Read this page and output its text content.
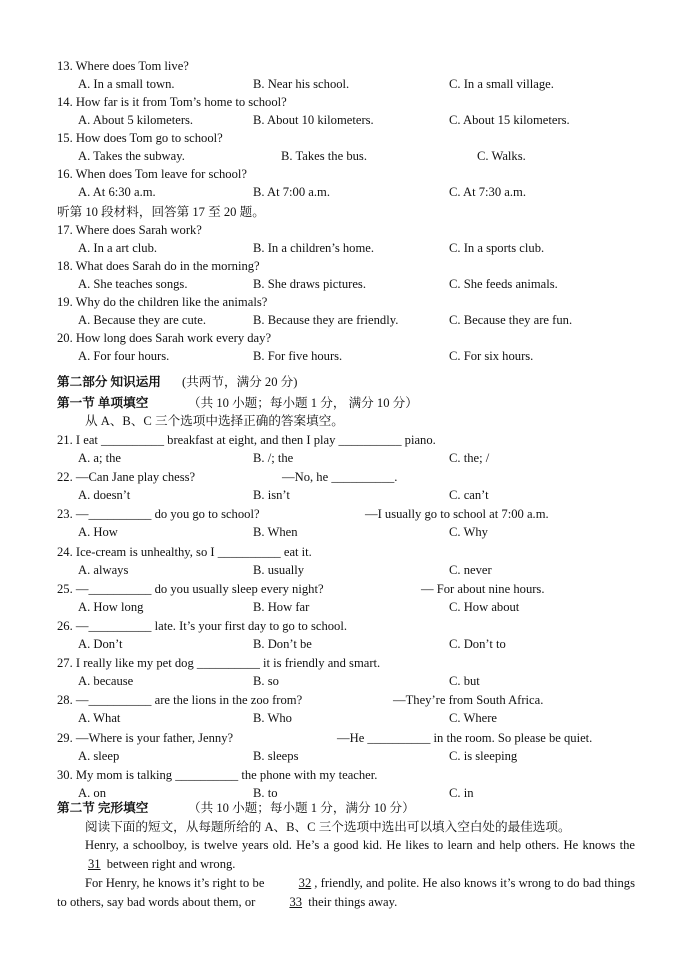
13. Where does Tom live?
A. In a small town.	B. Near his school.	C. In a small village.
14. How far is it from Tom’s home to school?
A. About 5 kilometers.	B. About 10 kilometers.	C. About 15 kilometers.
15. How does Tom go to school?
A. Takes the subway.	B. Takes the bus.	C. Walks.
16. When does Tom leave for school?
A. At 6:30 a.m.	B. At 7:00 a.m.	C. At 7:30 a.m.
听第 10 段材料，回答第 17 至 20 题。
17. Where does Sarah work?
A. In a art club.	B. In a children’s home.	C. In a sports club.
18. What does Sarah do in the morning?
A. She teaches songs.	B. She draws pictures.	C. She feeds animals.
19. Why do the children like the animals?
A. Because they are cute.	B. Because they are friendly.	C. Because they are fun.
20. How long does Sarah work every day?
A. For four hours.	B. For five hours.	C. For six hours.
第二部分 知识运用 (共两节，满分 20 分)
第一节 单项填空	（共 10 小题；每小题 1 分， 满分 10 分）
从 A、B、C 三个选项中选择正确的答案填空。
21. I eat __________ breakfast at eight, and then I play __________ piano.
A. a; the	B. /; the	C. the; /
22. —Can Jane play chess?	—No, he __________.
A. doesn’t	B. isn’t	C. can’t
23. —__________ do you go to school?	—I usually go to school at 7:00 a.m.
A. How	B. When	C. Why
24. Ice-cream is unhealthy, so I __________ eat it.
A. always	B. usually	C. never
25. —__________ do you usually sleep every night?	— For about nine hours.
A. How long	B. How far	C. How about
26. —__________ late. It’s your first day to go to school.
A. Don’t	B. Don’t be	C. Don’t to
27. I really like my pet dog __________ it is friendly and smart.
A. because	B. so	C. but
28. —__________ are the lions in the zoo from?	—They’re from South Africa.
A. What	B. Who	C. Where
29. —Where is your father, Jenny?	—He __________ in the room. So please be quiet.
A. sleep	B. sleeps	C. is sleeping
30. My mom is talking __________ the phone with my teacher.
A. on	B. to	C. in
第二节 完形填空	（共 10 小题；每小题 1 分，满分 10 分）
阅读下面的短文，从每题所给的 A、B、C 三个选项中选出可以填入空白处的最佳选项。
Henry, a schoolboy, is twelve years old. He’s a good kid. He likes to learn and help others. He knows the 31 between right and wrong.
For Henry, he knows it’s right to be 32 , friendly, and polite. He also knows it’s wrong to do bad things to others, say bad words about them, or 33 their things away.
